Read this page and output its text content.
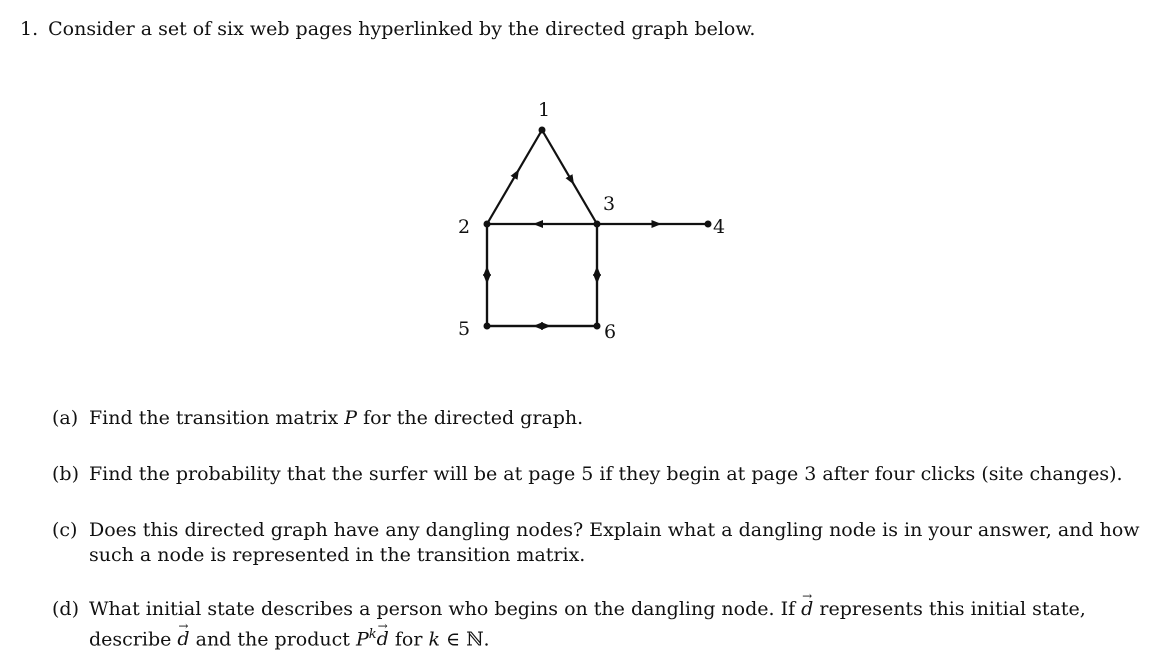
1. Consider a set of six web pages hyperlinked by the directed graph below.
1
2
3
4
5	6
(a) Find the transition matrix P for the directed graph.
(b) Find the probability that the surfer will be at page 5 if they begin at page 3 after four clicks (site changes).
(c) Does this directed graph have any dangling nodes? Explain what a dangling node is in your answer, and how such a node is represented in the transition matrix.
(d) What initial state describes a person who begins on the dangling node. If d → represents this initial state, describe d → and the product $P^kd$ → for k ∈ ℕ.
